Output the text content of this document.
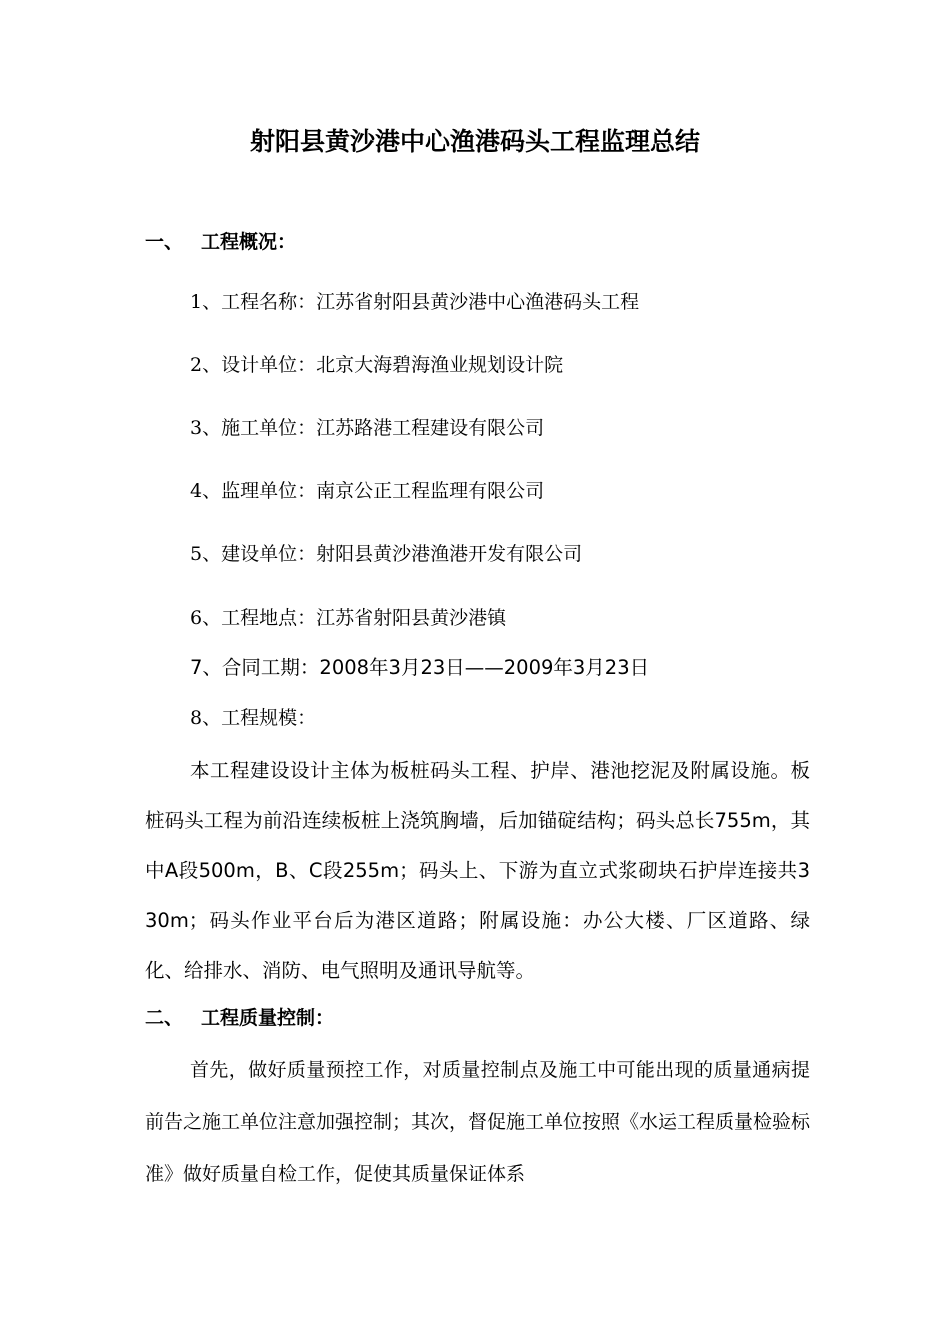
射阳县黄沙港中心渔港码头工程监理总结
一、 工程概况：
1、工程名称：江苏省射阳县黄沙港中心渔港码头工程
2、设计单位：北京大海碧海渔业规划设计院
3、施工单位：江苏路港工程建设有限公司
4、监理单位：南京公正工程监理有限公司
5、建设单位：射阳县黄沙港渔港开发有限公司
6、工程地点：江苏省射阳县黄沙港镇
7、合同工期：2008年3月23日——2009年3月23日
8、工程规模：

本工程建设设计主体为板桩码头工程、护岸、港池挖泥及附属设施。板桩码头工程为前沿连续板桩上浇筑胸墙，后加锚碇结构；码头总长755m，其中A段500m，B、C段255m；码头上、下游为直立式浆砌块石护岸连接共330m；码头作业平台后为港区道路；附属设施：办公大楼、厂区道路、绿化、给排水、消防、电气照明及通讯导航等。

二、 工程质量控制：

首先，做好质量预控工作，对质量控制点及施工中可能出现的质量通病提前告之施工单位注意加强控制；其次，督促施工单位按照《水运工程质量检验标准》做好质量自检工作，促使其质量保证体系
